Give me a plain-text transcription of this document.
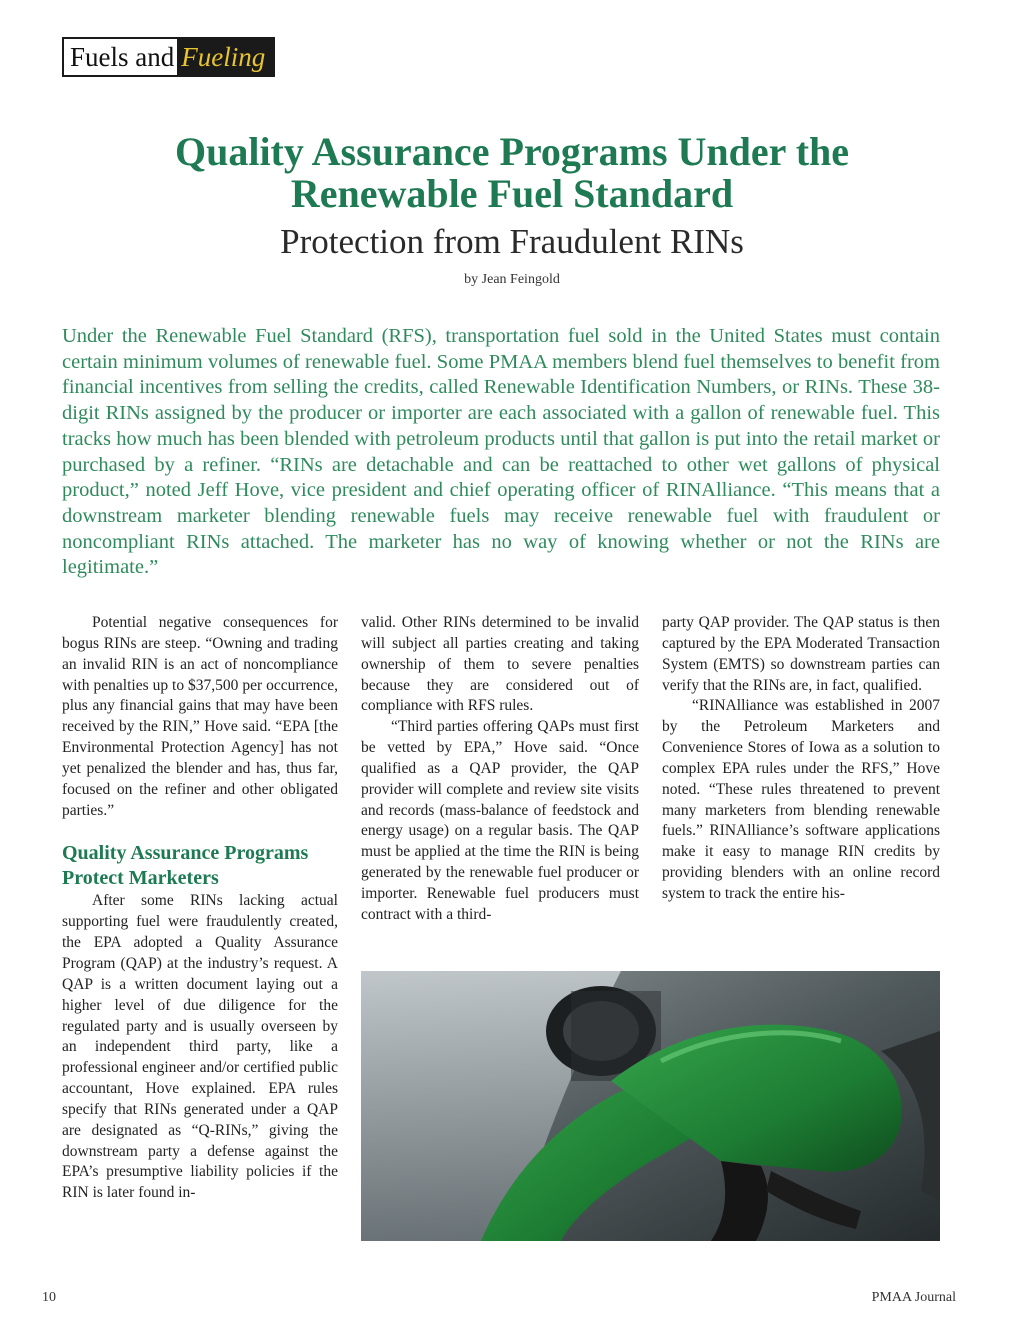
Fuels and Fueling
Quality Assurance Programs Under the
Renewable Fuel Standard
Protection from Fraudulent RINs
by Jean Feingold
Under the Renewable Fuel Standard (RFS), transportation fuel sold in the United States must contain certain minimum volumes of renewable fuel. Some PMAA members blend fuel themselves to benefit from financial incentives from selling the credits, called Renewable Identification Numbers, or RINs. These 38-digit RINs assigned by the producer or importer are each associated with a gallon of renewable fuel. This tracks how much has been blended with petroleum products until that gallon is put into the retail market or purchased by a refiner. “RINs are detachable and can be reattached to other wet gallons of physical product,” noted Jeff Hove, vice president and chief operating officer of RINAlliance. “This means that a downstream marketer blending renewable fuels may receive renewable fuel with fraudulent or noncompliant RINs attached. The marketer has no way of knowing whether or not the RINs are legitimate.”

Potential negative consequences for bogus RINs are steep. “Owning and trading an invalid RIN is an act of noncompliance with penalties up to $37,500 per occurrence, plus any financial gains that may have been received by the RIN,” Hove said. “EPA [the Environmental Protection Agency] has not yet penalized the blender and has, thus far, focused on the refiner and other obligated parties.”

Quality Assurance Programs Protect Marketers

After some RINs lacking actual supporting fuel were fraudulently created, the EPA adopted a Quality Assurance Program (QAP) at the industry’s request. A QAP is a written document laying out a higher level of due diligence for the regulated party and is usually overseen by an independent third party, like a professional engineer and/or certified public accountant, Hove explained. EPA rules specify that RINs generated under a QAP are designated as “Q-RINs,” giving the downstream party a defense against the EPA’s presumptive liability policies if the RIN is later found in-

valid. Other RINs determined to be invalid will subject all parties creating and taking ownership of them to severe penalties because they are considered out of compliance with RFS rules.

“Third parties offering QAPs must first be vetted by EPA,” Hove said. “Once qualified as a QAP provider, the QAP provider will complete and review site visits and records (mass-balance of feedstock and energy usage) on a regular basis. The QAP must be applied at the time the RIN is being generated by the renewable fuel producer or importer. Renewable fuel producers must contract with a third-

party QAP provider. The QAP status is then captured by the EPA Moderated Transaction System (EMTS) so downstream parties can verify that the RINs are, in fact, qualified.

“RINAlliance was established in 2007 by the Petroleum Marketers and Convenience Stores of Iowa as a solution to complex EPA rules under the RFS,” Hove noted. “These rules threatened to prevent many marketers from blending renewable fuels.” RINAlliance’s software applications make it easy to manage RIN credits by providing blenders with an online record system to track the entire his-

10	PMAA Journal
